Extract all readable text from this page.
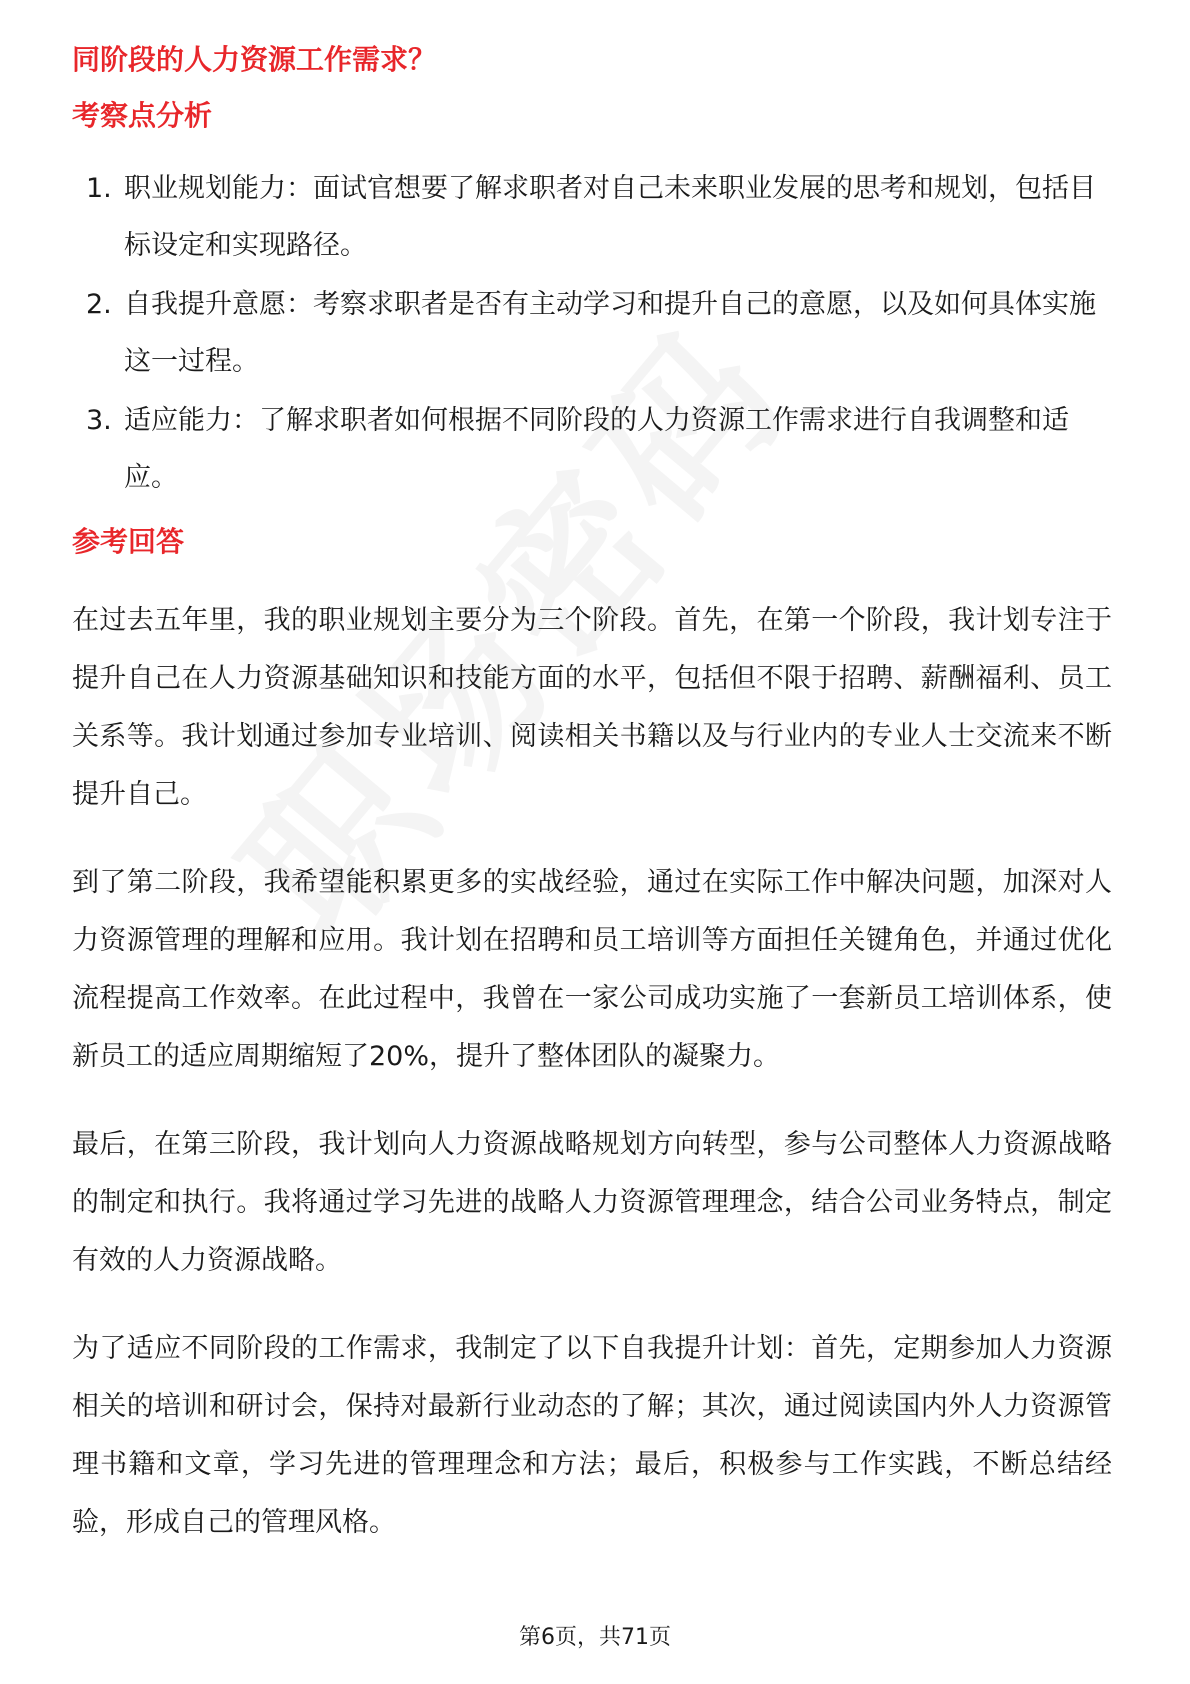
同阶段的人力资源工作需求？
考察点分析
1. 职业规划能力：面试官想要了解求职者对自己未来职业发展的思考和规划，包括目标设定和实现路径。
2. 自我提升意愿：考察求职者是否有主动学习和提升自己的意愿，以及如何具体实施这一过程。
3. 适应能力：了解求职者如何根据不同阶段的人力资源工作需求进行自我调整和适应。
参考回答

在过去五年里，我的职业规划主要分为三个阶段。首先，在第一个阶段，我计划专注于提升自己在人力资源基础知识和技能方面的水平，包括但不限于招聘、薪酬福利、员工关系等。我计划通过参加专业培训、阅读相关书籍以及与行业内的专业人士交流来不断提升自己。

到了第二阶段，我希望能积累更多的实战经验，通过在实际工作中解决问题，加深对人力资源管理的理解和应用。我计划在招聘和员工培训等方面担任关键角色，并通过优化流程提高工作效率。在此过程中，我曾在一家公司成功实施了一套新员工培训体系，使新员工的适应周期缩短了20%，提升了整体团队的凝聚力。

最后，在第三阶段，我计划向人力资源战略规划方向转型，参与公司整体人力资源战略的制定和执行。我将通过学习先进的战略人力资源管理理念，结合公司业务特点，制定有效的人力资源战略。

为了适应不同阶段的工作需求，我制定了以下自我提升计划：首先，定期参加人力资源相关的培训和研讨会，保持对最新行业动态的了解；其次，通过阅读国内外人力资源管理书籍和文章，学习先进的管理理念和方法；最后，积极参与工作实践，不断总结经验，形成自己的管理风格。

第6页，共71页
